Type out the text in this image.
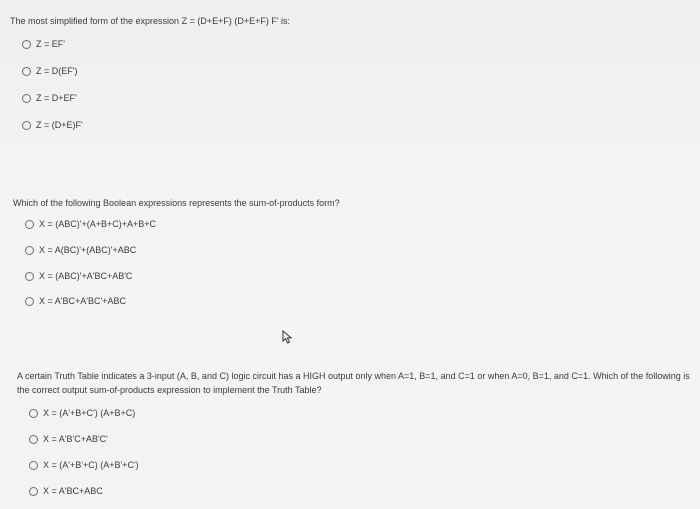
The most simplified form of the expression Z = (D+E+F) (D+E+F) F' is:
Z = EF'
Z = D(EF')
Z = D+EF'
Z = (D+E)F'
Which of the following Boolean expressions represents the sum-of-products form?
X = (ABC)'+(A+B+C)+A+B+C
X = A(BC)'+(ABC)'+ABC
X = (ABC)'+A'BC+AB'C
X = A'BC+A'BC'+ABC
A certain Truth Table indicates a 3-input (A, B, and C) logic circuit has a HIGH output only when A=1, B=1, and C=1 or when A=0, B=1, and C=1. Which of the following is the correct output sum-of-products expression to implement the Truth Table?
X = (A'+B+C') (A+B+C)
X = A'B'C+AB'C'
X = (A'+B'+C) (A+B'+C')
X = A'BC+ABC
